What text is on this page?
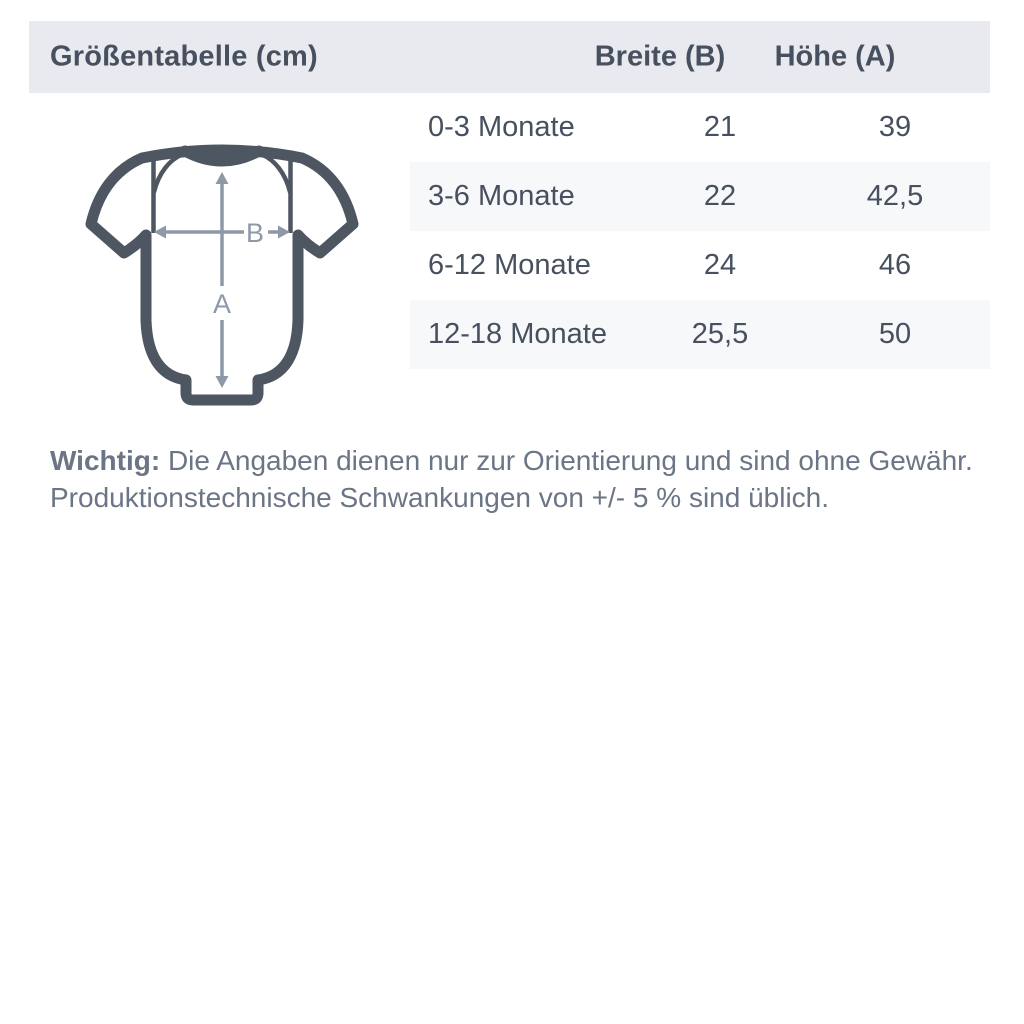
Größentabelle (cm)	Breite (B) Höhe (A)
0-3 Monate	21	39
3-6 Monate	22	42,5
6-12 Monate	24	46
12-18 Monate	25,5	50
B
A
Wichtig: Die Angaben dienen nur zur Orientierung und sind ohne Gewähr.
Produktionstechnische Schwankungen von +/- 5 % sind üblich.
